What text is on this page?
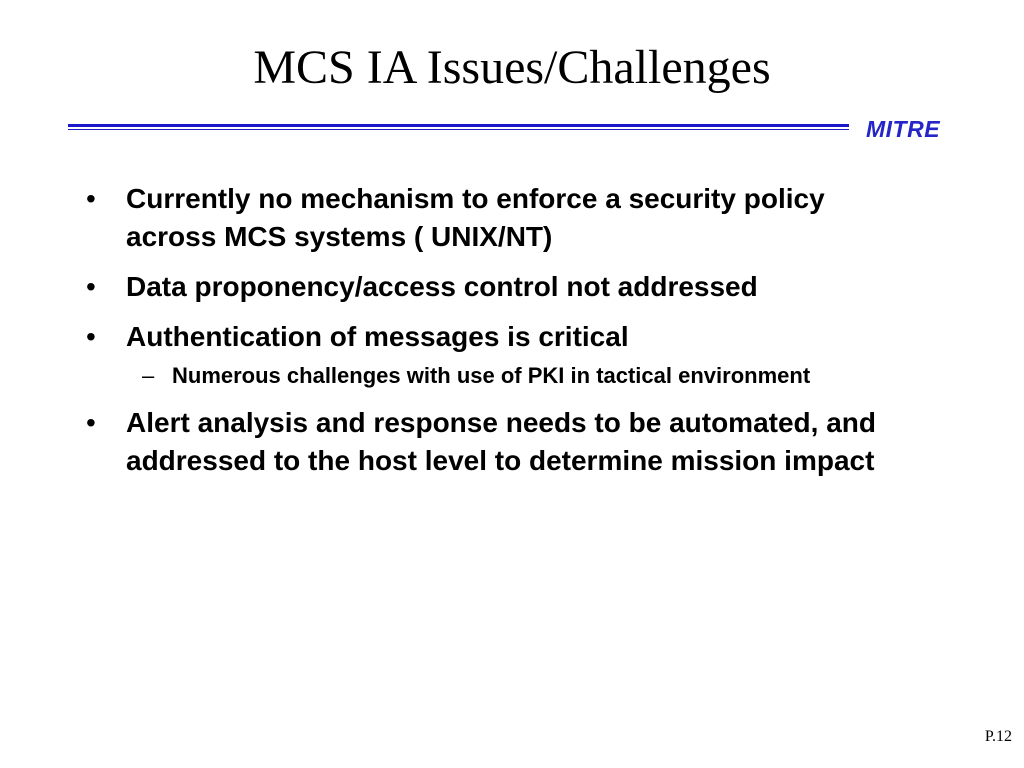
MCS IA Issues/Challenges
MITRE
• Currently no mechanism to enforce a security policy across MCS systems ( UNIX/NT)
• Data proponency/access control not addressed
• Authentication of messages is critical
– Numerous challenges with use of PKI in tactical environment
• Alert analysis and response needs to be automated, and addressed to the host level to determine mission impact
P.12
